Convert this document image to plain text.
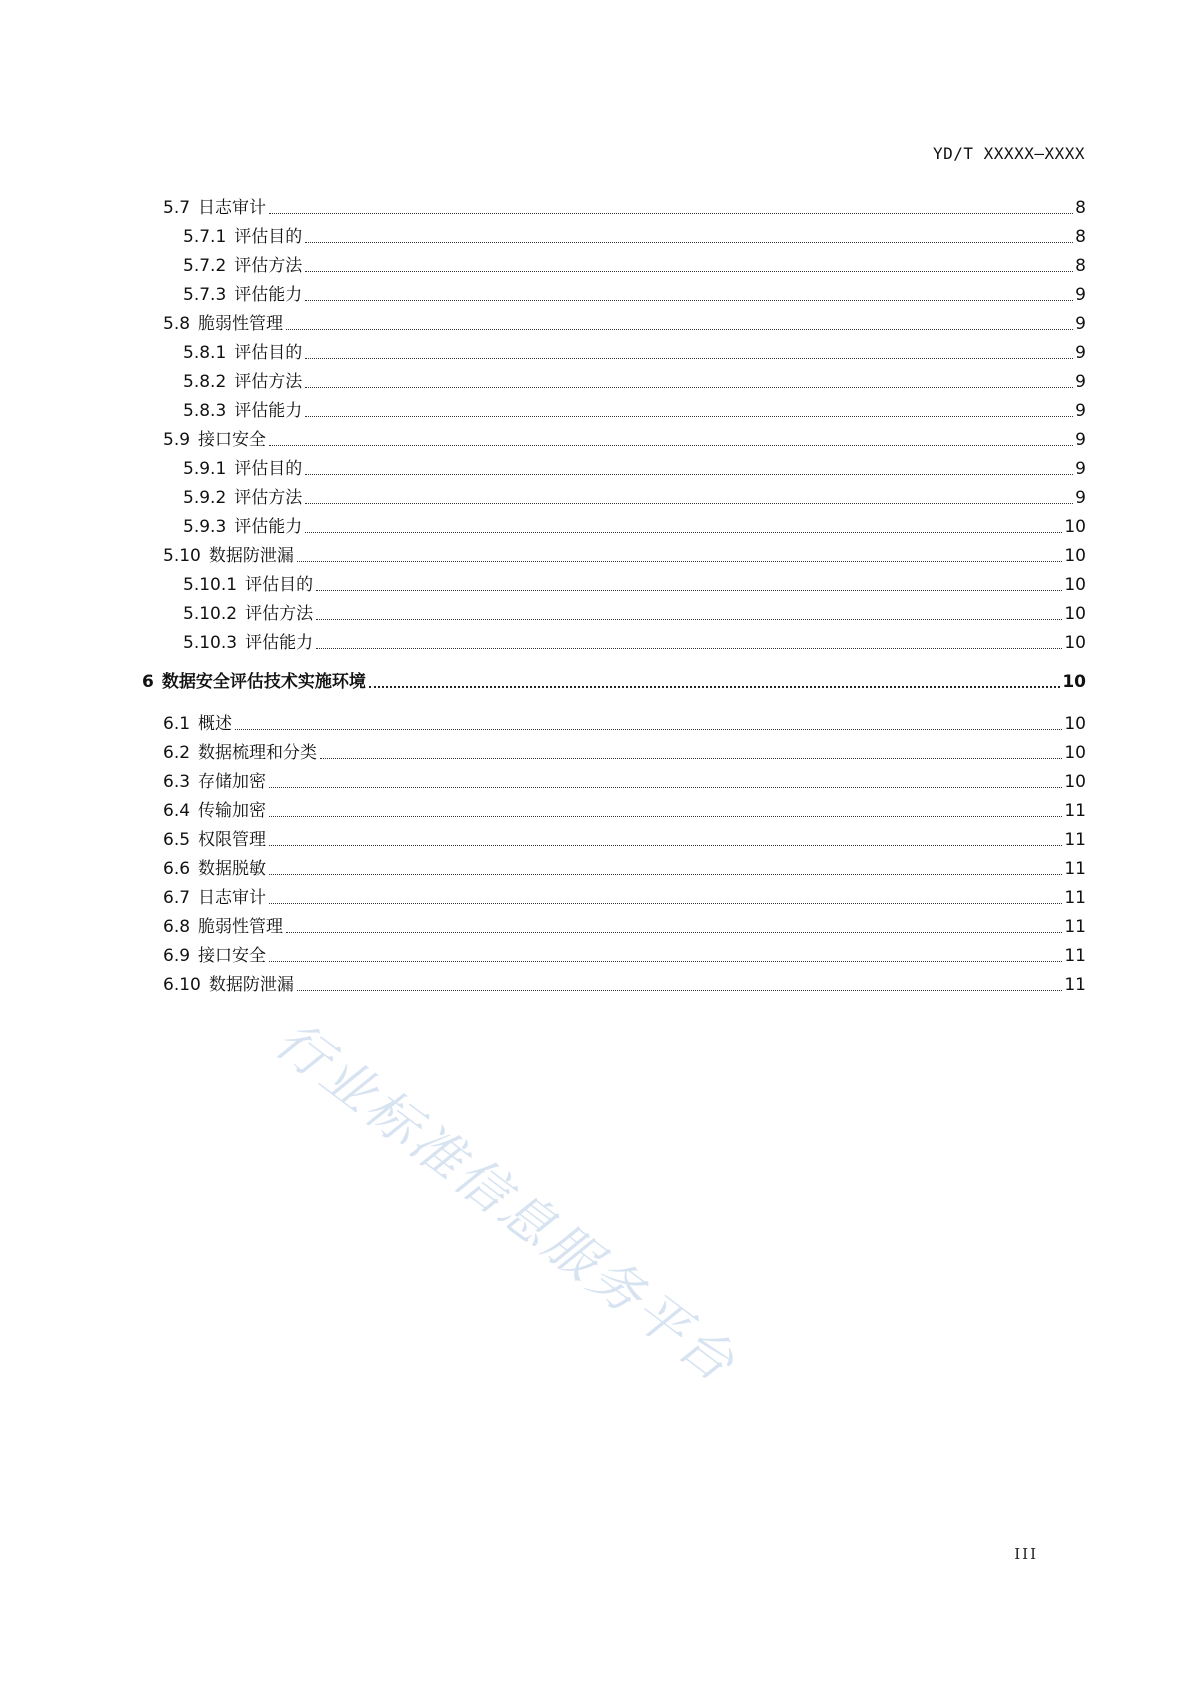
YD/T XXXXX—XXXX
5.7 日志审计	8
5.7.1 评估目的	8
5.7.2 评估方法	8
5.7.3 评估能力	9
5.8 脆弱性管理	9
5.8.1 评估目的	9
5.8.2 评估方法	9
5.8.3 评估能力	9
5.9 接口安全	9
5.9.1 评估目的	9
5.9.2 评估方法	9
5.9.3 评估能力	10
5.10 数据防泄漏	10
5.10.1 评估目的	10
5.10.2 评估方法	10
5.10.3 评估能力	10
6 数据安全评估技术实施环境	10
6.1 概述	10
6.2 数据梳理和分类	10
6.3 存储加密	10
6.4 传输加密	11
6.5 权限管理	11
6.6 数据脱敏	11
6.7 日志审计	11
6.8 脆弱性管理	11
6.9 接口安全	11
6.10 数据防泄漏	11
行业标准信息服务平台
III
